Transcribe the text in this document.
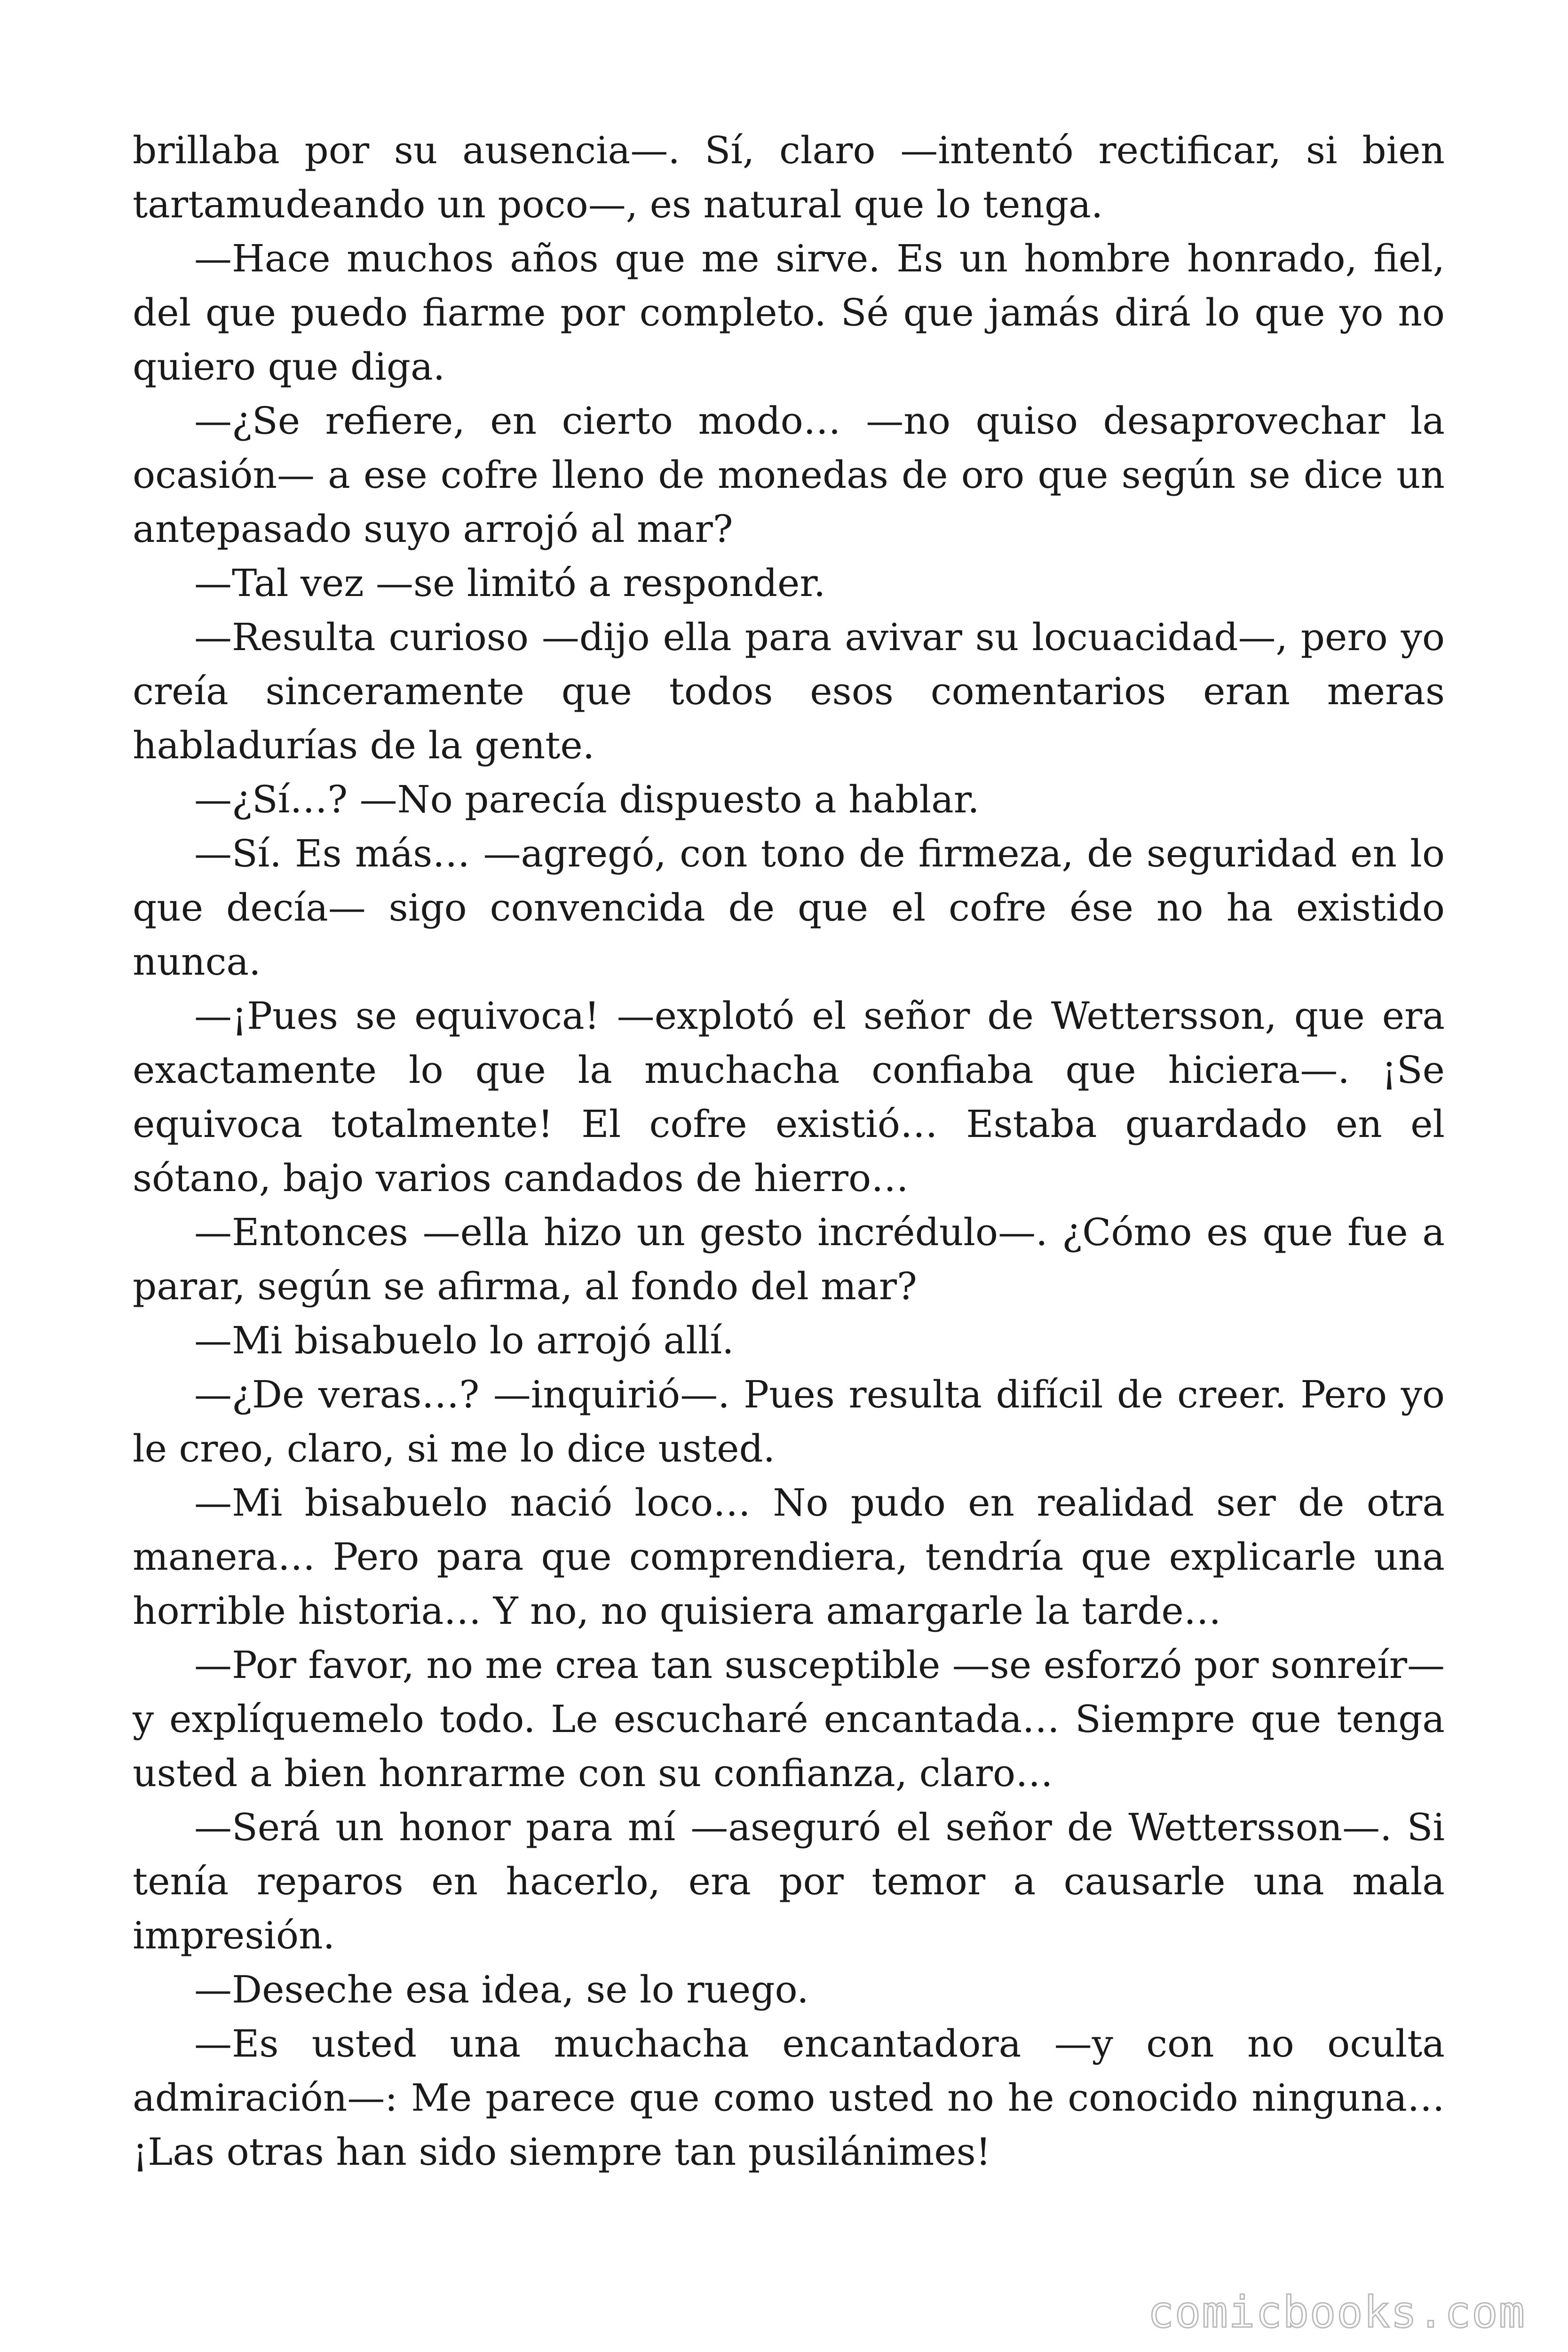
brillaba por su ausencia—. Sí, claro —intentó rectificar, si bien tartamudeando un poco—, es natural que lo tenga.

—Hace muchos años que me sirve. Es un hombre honrado, fiel, del que puedo fiarme por completo. Sé que jamás dirá lo que yo no quiero que diga.

—¿Se refiere, en cierto modo… —no quiso desaprovechar la ocasión— a ese cofre lleno de monedas de oro que según se dice un antepasado suyo arrojó al mar?

—Tal vez —se limitó a responder.

—Resulta curioso —dijo ella para avivar su locuacidad—, pero yo creía sinceramente que todos esos comentarios eran meras habladurías de la gente.

—¿Sí…? —No parecía dispuesto a hablar.

—Sí. Es más… —agregó, con tono de firmeza, de seguridad en lo que decía— sigo convencida de que el cofre ése no ha existido nunca.

—¡Pues se equivoca! —explotó el señor de Wettersson, que era exactamente lo que la muchacha confiaba que hiciera—. ¡Se equivoca totalmente! El cofre existió… Estaba guardado en el sótano, bajo varios candados de hierro…

—Entonces —ella hizo un gesto incrédulo—. ¿Cómo es que fue a parar, según se afirma, al fondo del mar?

—Mi bisabuelo lo arrojó allí.

—¿De veras…? —inquirió—. Pues resulta difícil de creer. Pero yo le creo, claro, si me lo dice usted.

—Mi bisabuelo nació loco… No pudo en realidad ser de otra manera… Pero para que comprendiera, tendría que explicarle una horrible historia… Y no, no quisiera amargarle la tarde…

—Por favor, no me crea tan susceptible —se esforzó por sonreír— y explíquemelo todo. Le escucharé encantada… Siempre que tenga usted a bien honrarme con su confianza, claro…

—Será un honor para mí —aseguró el señor de Wettersson—. Si tenía reparos en hacerlo, era por temor a causarle una mala impresión.

—Deseche esa idea, se lo ruego.

—Es usted una muchacha encantadora —y con no oculta admiración—: Me parece que como usted no he conocido ninguna… ¡Las otras han sido siempre tan pusilánimes!

comicbooks.com
